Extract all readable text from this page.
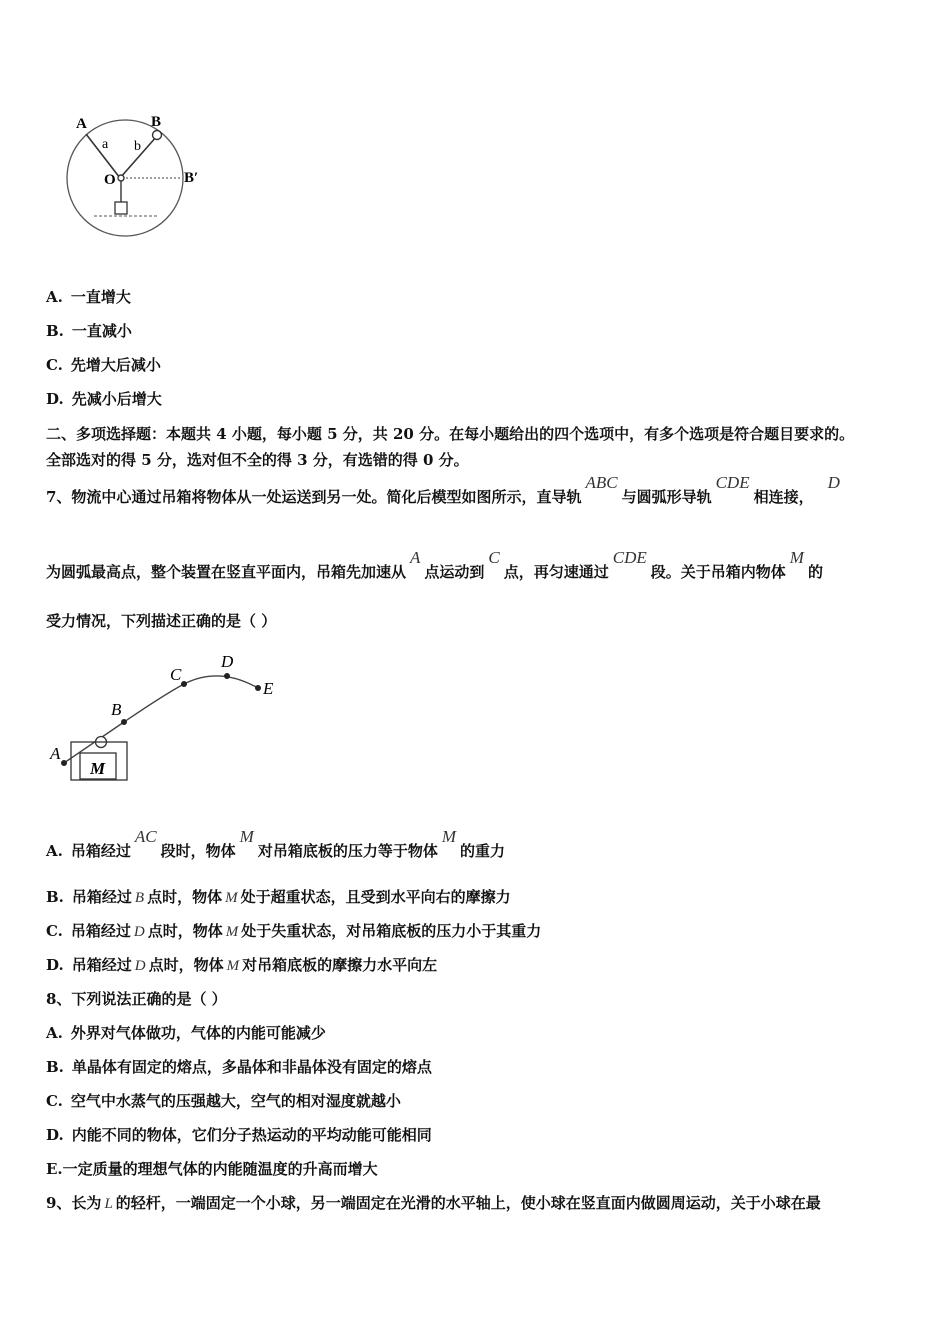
A
a
B
b
O	B′
A. 一直增大
B. 一直减小
C. 先增大后减小
D. 先减小后增大
二、多项选择题：本题共 4 小题，每小题 5 分，共 20 分。在每小题给出的四个选项中，有多个选项是符合题目要求的。
全部选对的得 5 分，选对但不全的得 3 分，有选错的得 0 分。
7、物流中心通过吊箱将物体从一处运送到另一处。简化后模型如图所示，直导轨ABC与圆弧形导轨CDE相连接，D
为圆弧最高点，整个装置在竖直平面内，吊箱先加速从A点运动到C点，再匀速通过CDE段。关于吊箱内物体M的
受力情况，下列描述正确的是（ ）
A
B
C
D
E
M
A. 吊箱经过AC段时，物体M对吊箱底板的压力等于物体M的重力
B. 吊箱经过 B 点时，物体 M 处于超重状态，且受到水平向右的摩擦力
C. 吊箱经过 D 点时，物体 M 处于失重状态，对吊箱底板的压力小于其重力
D. 吊箱经过 D 点时，物体 M 对吊箱底板的摩擦力水平向左
8、下列说法正确的是（ ）
A. 外界对气体做功，气体的内能可能减少
B. 单晶体有固定的熔点，多晶体和非晶体没有固定的熔点
C. 空气中水蒸气的压强越大，空气的相对湿度就越小
D. 内能不同的物体，它们分子热运动的平均动能可能相同
E.一定质量的理想气体的内能随温度的升高而增大
9、长为 L 的轻杆，一端固定一个小球，另一端固定在光滑的水平轴上，使小球在竖直面内做圆周运动，关于小球在最
